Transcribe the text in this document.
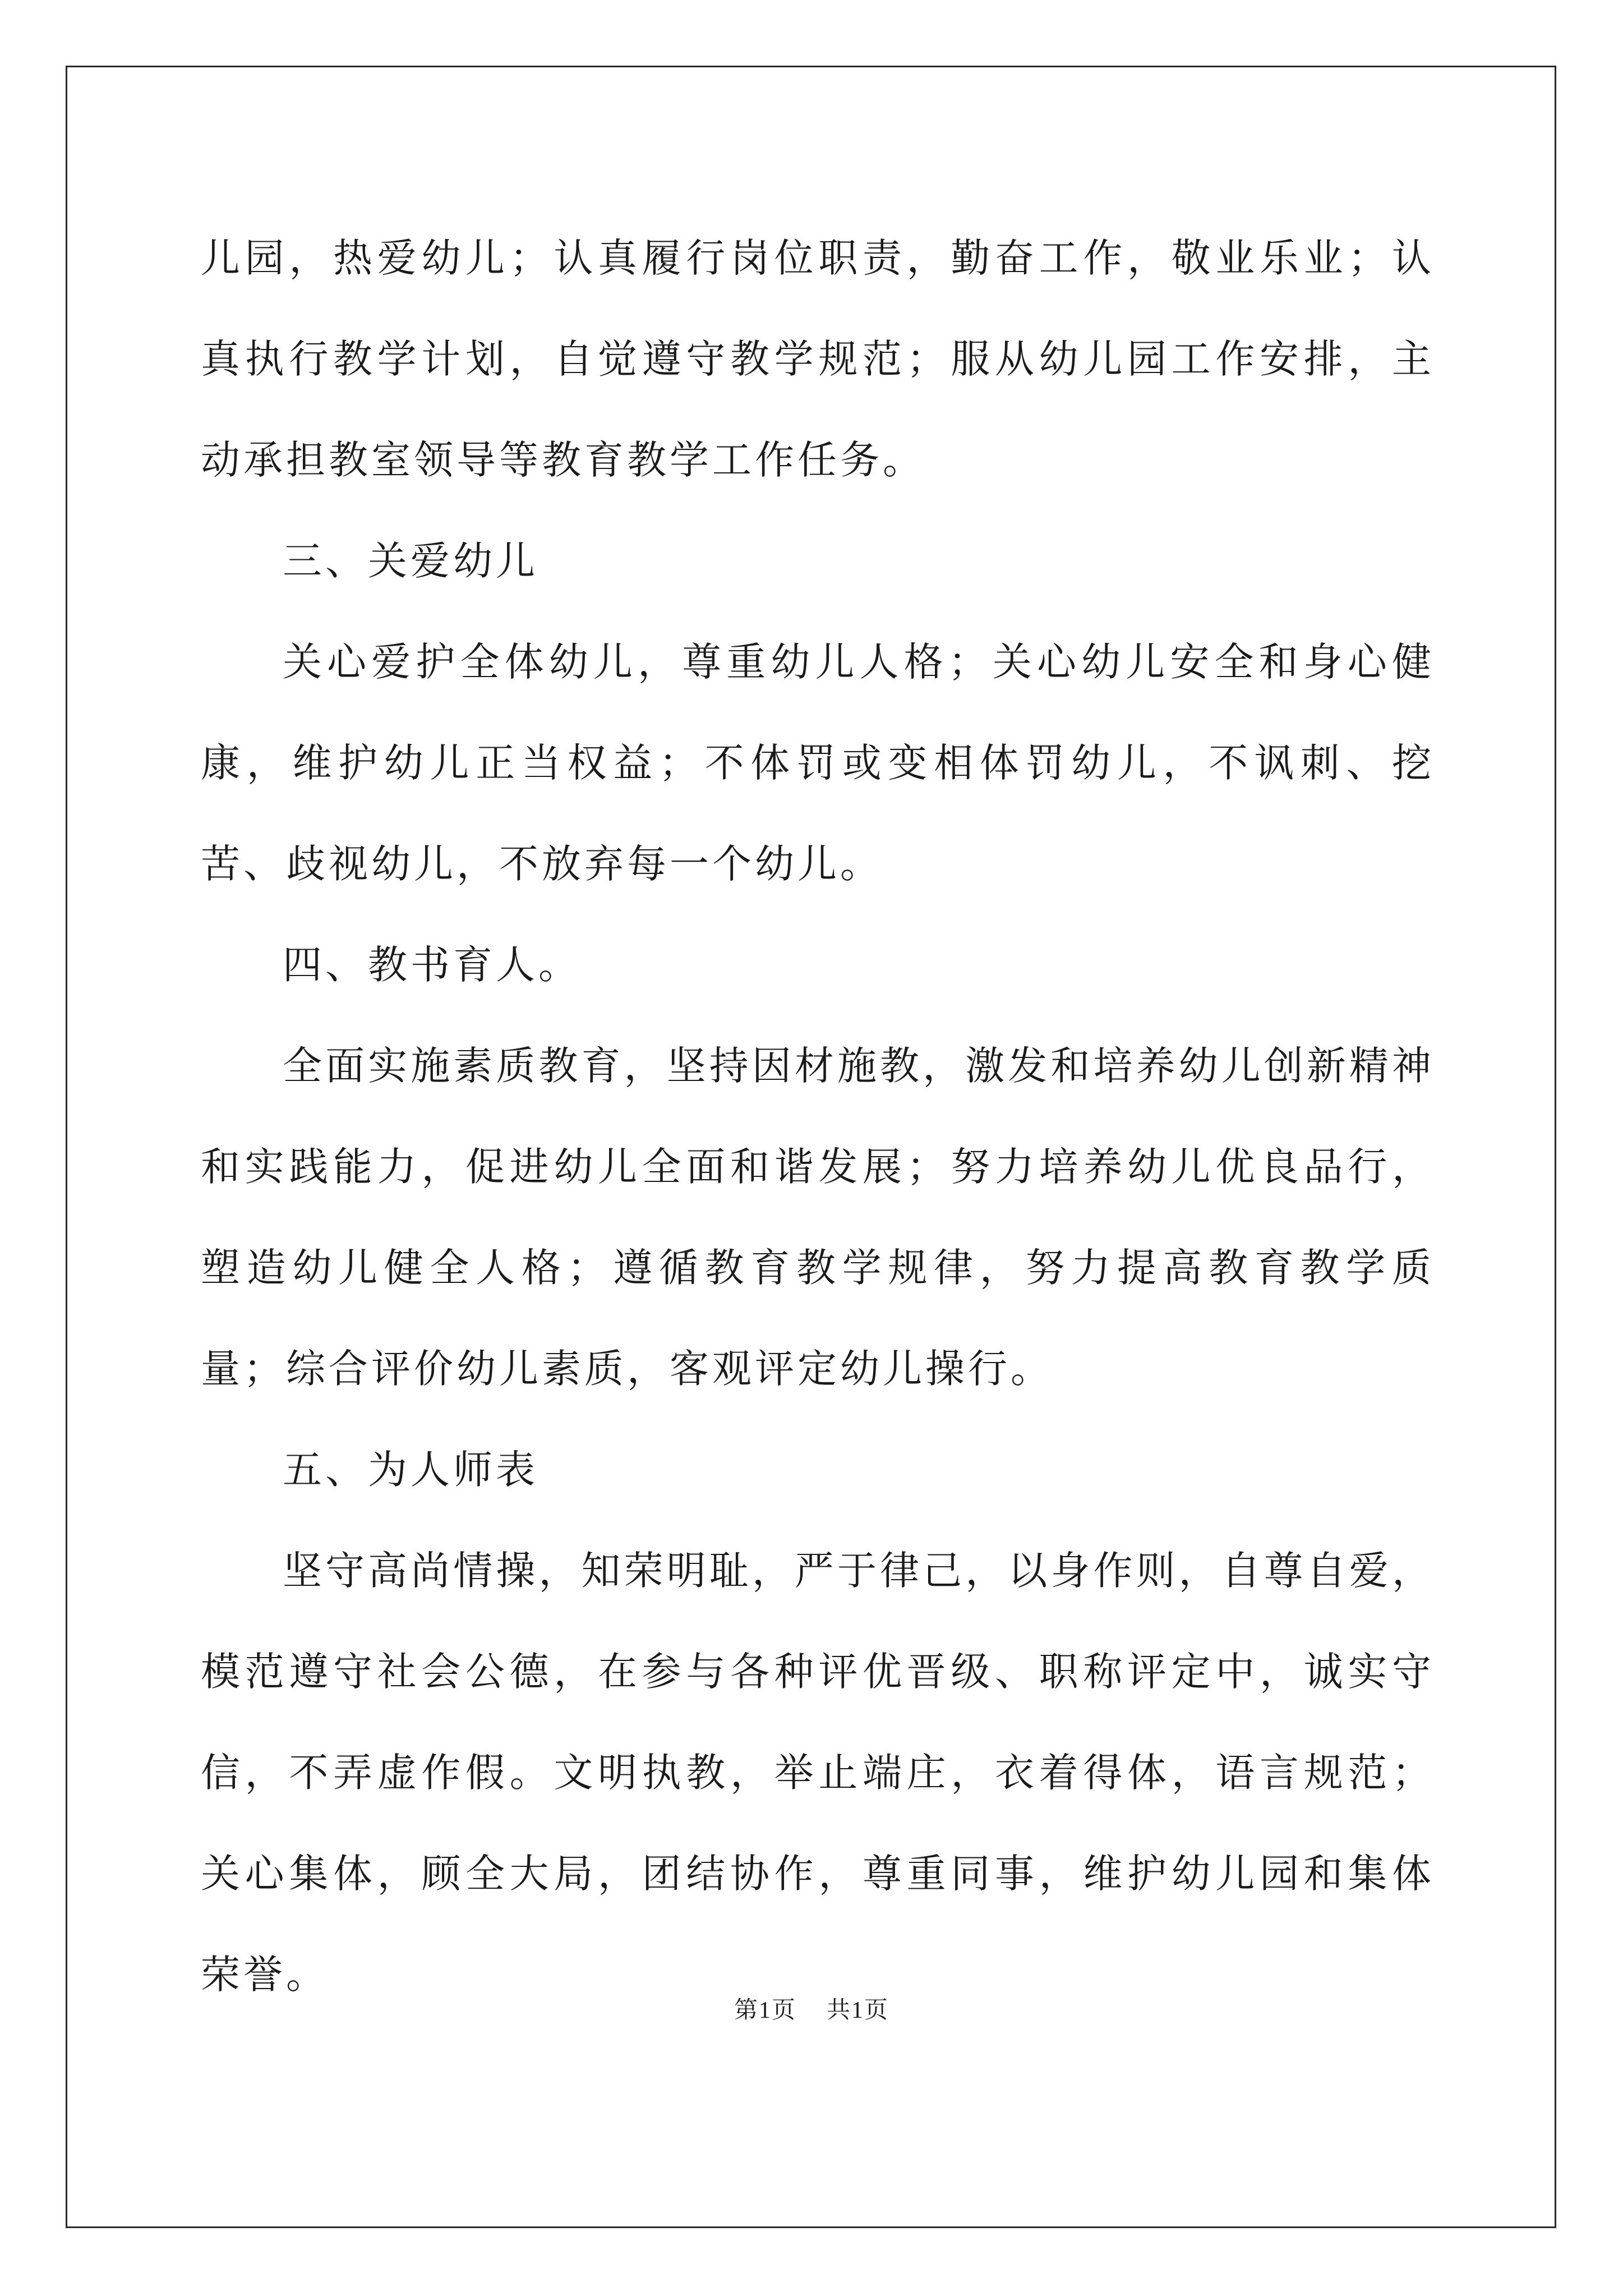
儿园，热爱幼儿；认真履行岗位职责，勤奋工作，敬业乐业；认真执行教学计划，自觉遵守教学规范；服从幼儿园工作安排，主动承担教室领导等教育教学工作任务。

三、关爱幼儿

关心爱护全体幼儿，尊重幼儿人格；关心幼儿安全和身心健康，维护幼儿正当权益；不体罚或变相体罚幼儿，不讽刺、挖苦、歧视幼儿，不放弃每一个幼儿。

四、教书育人。

全面实施素质教育，坚持因材施教，激发和培养幼儿创新精神和实践能力，促进幼儿全面和谐发展；努力培养幼儿优良品行，塑造幼儿健全人格；遵循教育教学规律，努力提高教育教学质量；综合评价幼儿素质，客观评定幼儿操行。

五、为人师表

坚守高尚情操，知荣明耻，严于律己，以身作则，自尊自爱，模范遵守社会公德，在参与各种评优晋级、职称评定中，诚实守信，不弄虚作假。文明执教，举止端庄，衣着得体，语言规范；关心集体，顾全大局，团结协作，尊重同事，维护幼儿园和集体荣誉。

第1页 共1页
